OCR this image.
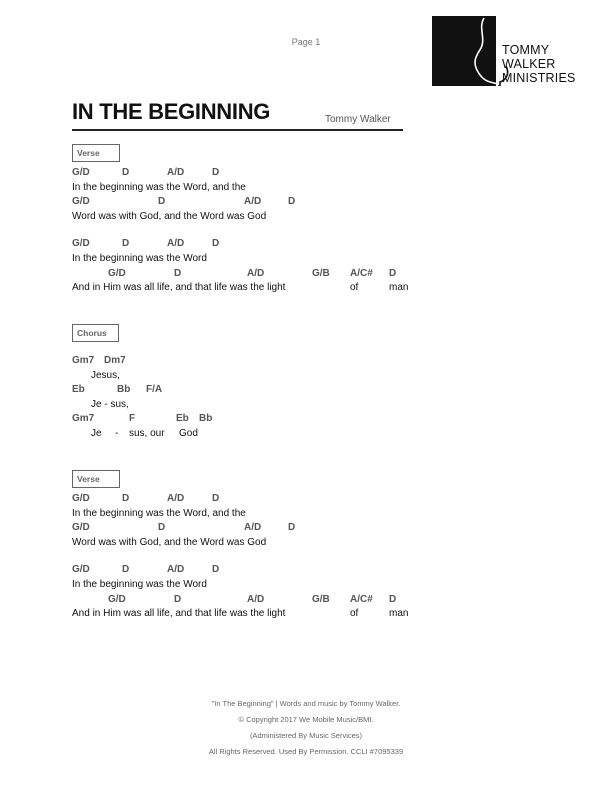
Page 1
TOMMY
WALKER
MINISTRIES
IN THE BEGINNING	Tommy Walker
Verse
G/D	D	A/D	D
In the beginning was the Word, and the
G/D	D	A/D	D
Word was with God, and the Word was God
G/D	D	A/D	D
In the beginning was the Word
G/D	D	A/D	G/B A/C# D
And in Him was all life, and that life was the light	of	man
Chorus
Gm7 Dm7
Jesus,
Eb	Bb F/A
Je - sus,
Gm7	F	Eb Bb
Je - sus, our God
Verse
G/D	D	A/D	D
In the beginning was the Word, and the
G/D	D	A/D	D
Word was with God, and the Word was God
G/D	D	A/D	D
In the beginning was the Word
G/D	D	A/D	G/B A/C# D
And in Him was all life, and that life was the light	of	man
"In The Beginning" | Words and music by Tommy Walker.
© Copyright 2017 We Mobile Music/BMI.
(Administered By Music Services)
All Rights Reserved. Used By Permission. CCLI #7095339
